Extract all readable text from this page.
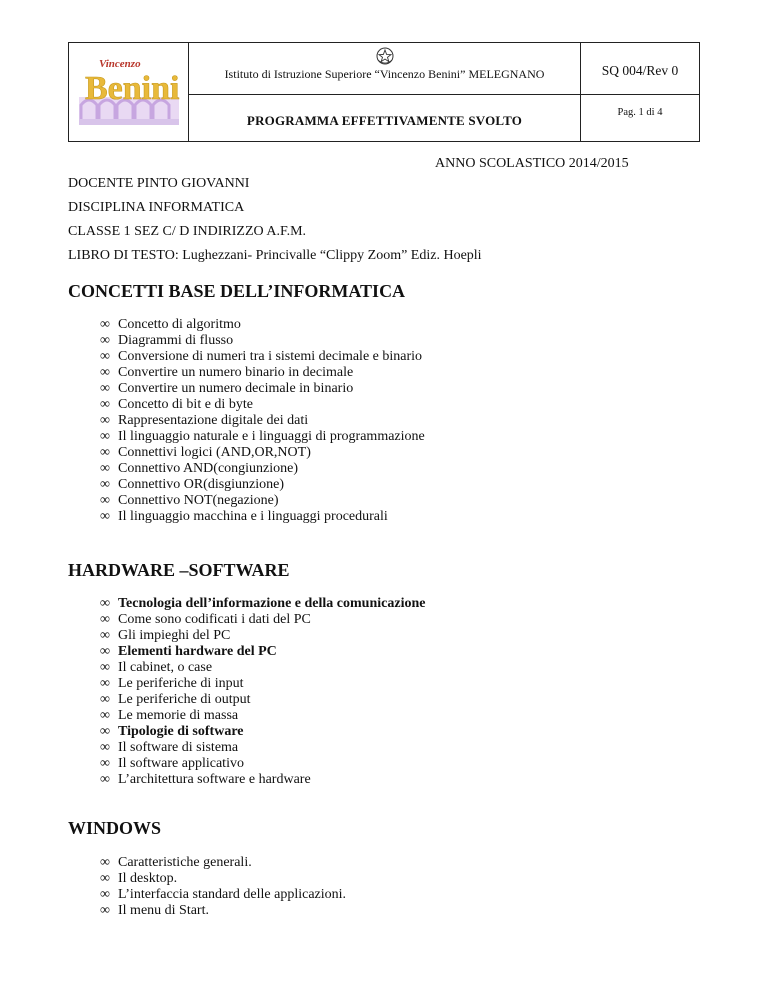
Benini
Vincenzo
Istituto di Istruzione Superiore “Vincenzo Benini” MELEGNANO
PROGRAMMA EFFETTIVAMENTE SVOLTO
SQ 004/Rev 0
Pag. 1 di 4
ANNO SCOLASTICO 2014/2015
DOCENTE PINTO GIOVANNI
DISCIPLINA INFORMATICA
CLASSE 1 SEZ C/ D INDIRIZZO A.F.M.
LIBRO DI TESTO: Lughezzani- Princivalle “Clippy Zoom” Ediz. Hoepli
CONCETTI BASE DELL’INFORMATICA
∞ Concetto di algoritmo
∞ Diagrammi di flusso
∞ Conversione di numeri tra i sistemi decimale e binario
∞ Convertire un numero binario in decimale
∞ Convertire un numero decimale in binario
∞ Concetto di bit e di byte
∞ Rappresentazione digitale dei dati
∞ Il linguaggio naturale e i linguaggi di programmazione
∞ Connettivi logici (AND,OR,NOT)
∞ Connettivo AND(congiunzione)
∞ Connettivo OR(disgiunzione)
∞ Connettivo NOT(negazione)
∞ Il linguaggio macchina e i linguaggi procedurali
HARDWARE –SOFTWARE
∞ Tecnologia dell’informazione e della comunicazione
∞ Come sono codificati i dati del PC
∞ Gli impieghi del PC
∞ Elementi hardware del PC
∞ Il cabinet, o case
∞ Le periferiche di input
∞ Le periferiche di output
∞ Le memorie di massa
∞ Tipologie di software
∞ Il software di sistema
∞ Il software applicativo
∞ L’architettura software e hardware
WINDOWS
∞ Caratteristiche generali.
∞ Il desktop.
∞ L’interfaccia standard delle applicazioni.
∞ Il menu di Start.
